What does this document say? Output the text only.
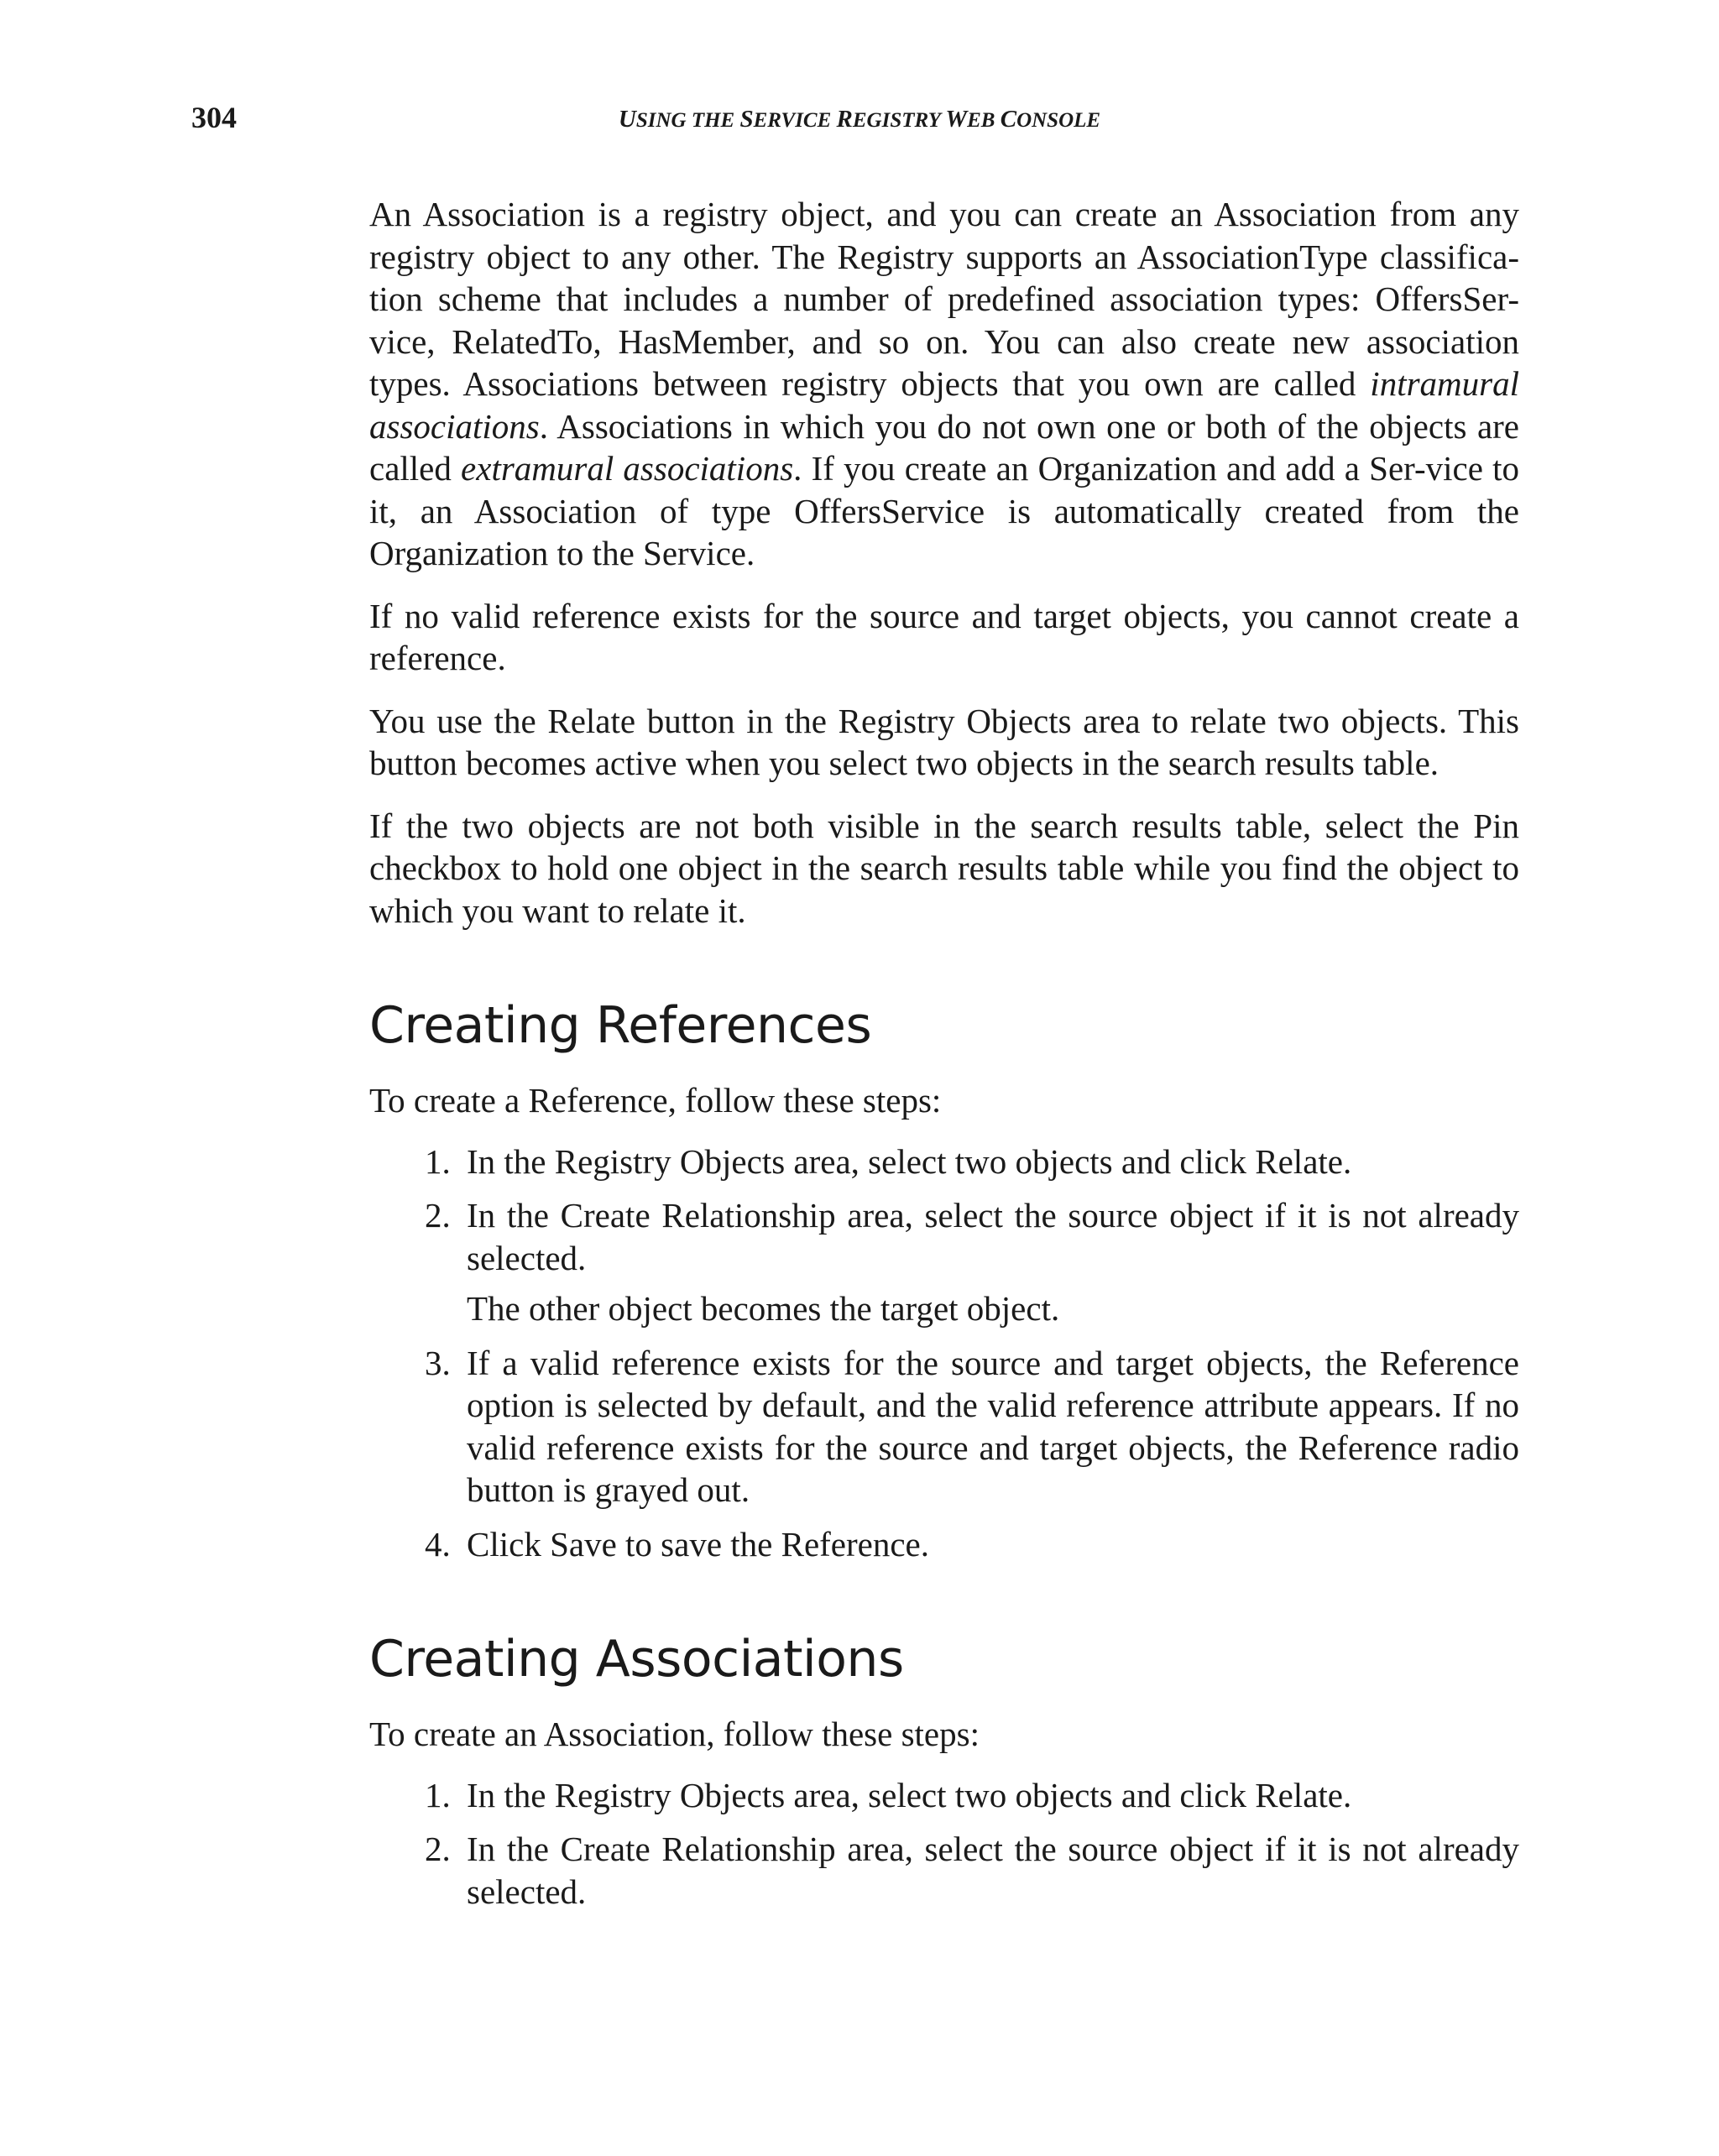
304	USING THE SERVICE REGISTRY WEB CONSOLE

An Association is a registry object, and you can create an Association from any registry object to any other. The Registry supports an AssociationType classifica-tion scheme that includes a number of predefined association types: OffersSer-vice, RelatedTo, HasMember, and so on. You can also create new association types. Associations between registry objects that you own are called intramural associations. Associations in which you do not own one or both of the objects are called extramural associations. If you create an Organization and add a Ser-vice to it, an Association of type OffersService is automatically created from the Organization to the Service.

If no valid reference exists for the source and target objects, you cannot create a reference.

You use the Relate button in the Registry Objects area to relate two objects. This button becomes active when you select two objects in the search results table.

If the two objects are not both visible in the search results table, select the Pin checkbox to hold one object in the search results table while you find the object to which you want to relate it.

Creating References

To create a Reference, follow these steps:

1. In the Registry Objects area, select two objects and click Relate.
2. In the Create Relationship area, select the source object if it is not already selected.
The other object becomes the target object.
3. If a valid reference exists for the source and target objects, the Reference option is selected by default, and the valid reference attribute appears. If no valid reference exists for the source and target objects, the Reference radio button is grayed out.
4. Click Save to save the Reference.
Creating Associations

To create an Association, follow these steps:

1. In the Registry Objects area, select two objects and click Relate.
2. In the Create Relationship area, select the source object if it is not already selected.
